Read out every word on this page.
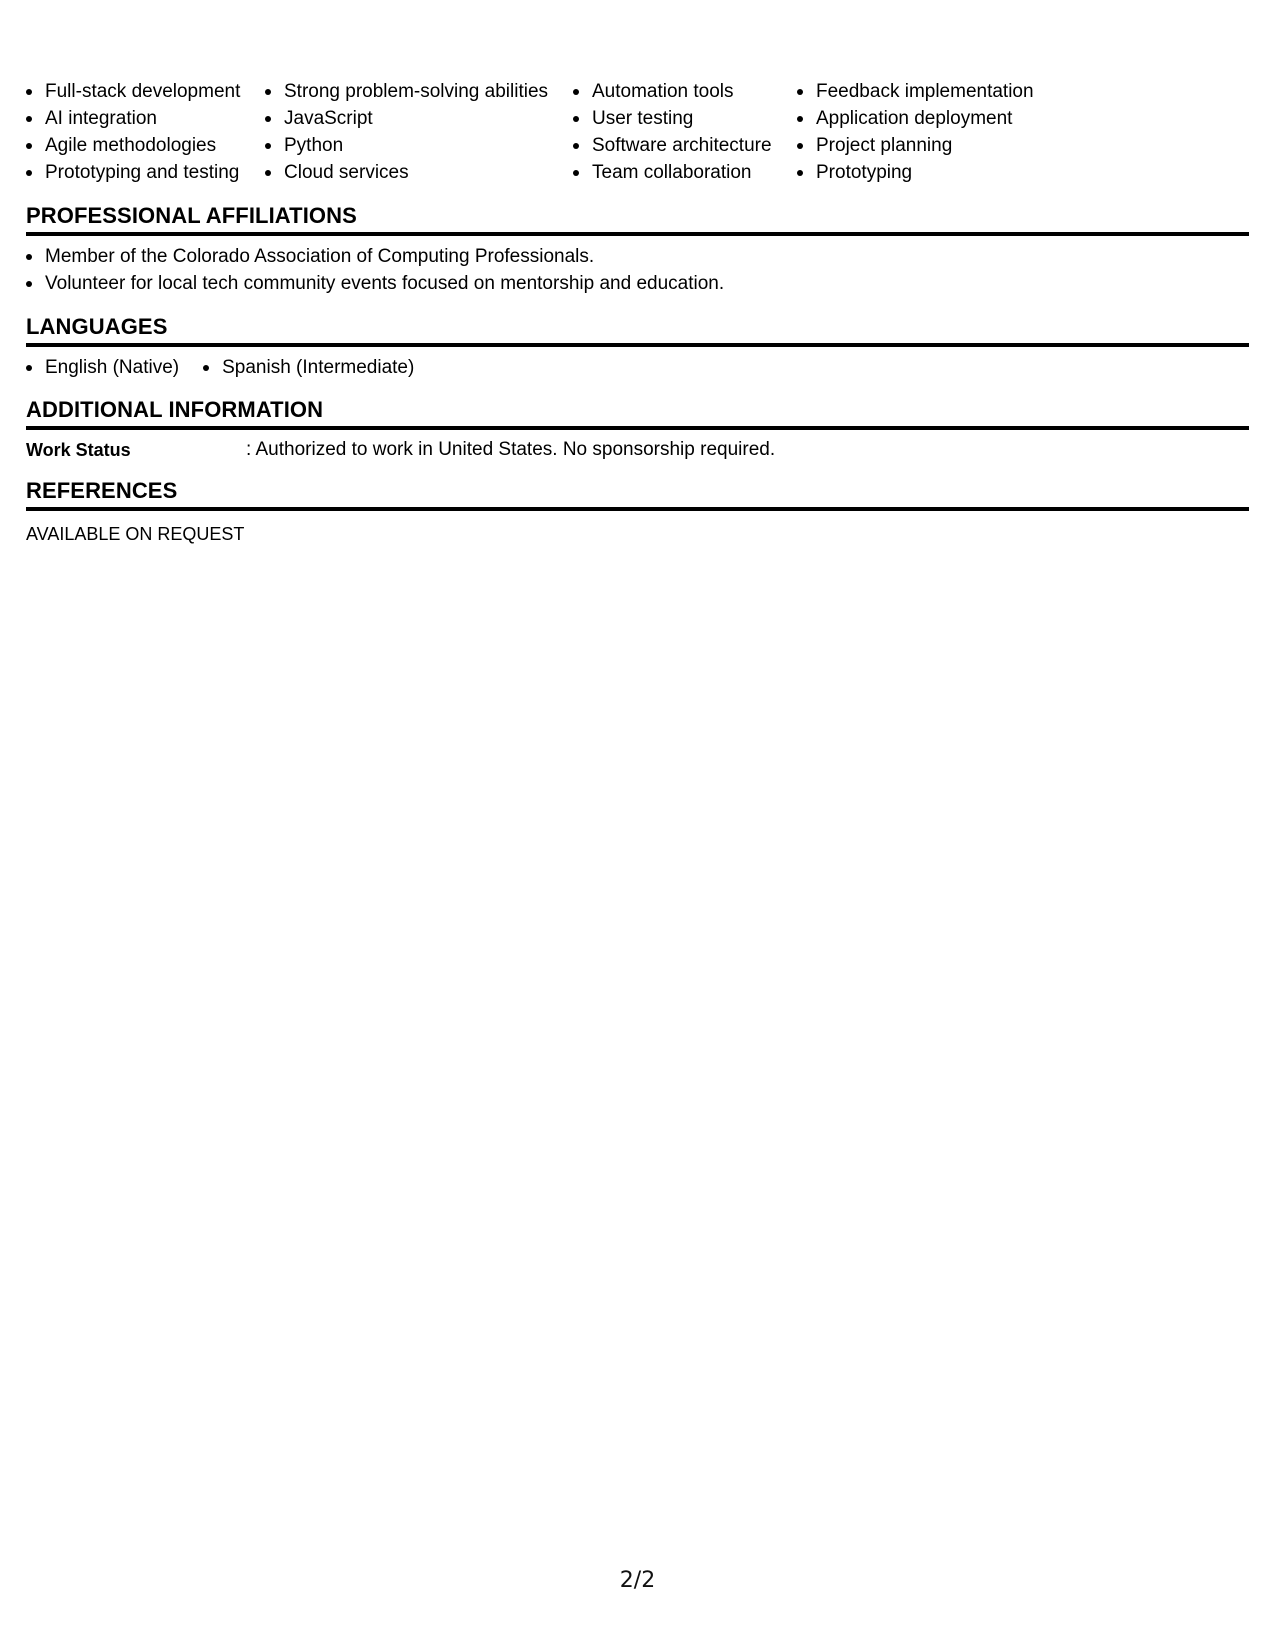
Full-stack development
AI integration
Agile methodologies
Prototyping and testing
Strong problem-solving abilities
JavaScript
Python
Cloud services
Automation tools
User testing
Software architecture
Team collaboration
Feedback implementation
Application deployment
Project planning
Prototyping
PROFESSIONAL AFFILIATIONS
Member of the Colorado Association of Computing Professionals.
Volunteer for local tech community events focused on mentorship and education.
LANGUAGES
English (Native)	Spanish (Intermediate)
ADDITIONAL INFORMATION
Work Status	: Authorized to work in United States. No sponsorship required.
REFERENCES
AVAILABLE ON REQUEST
2/2
